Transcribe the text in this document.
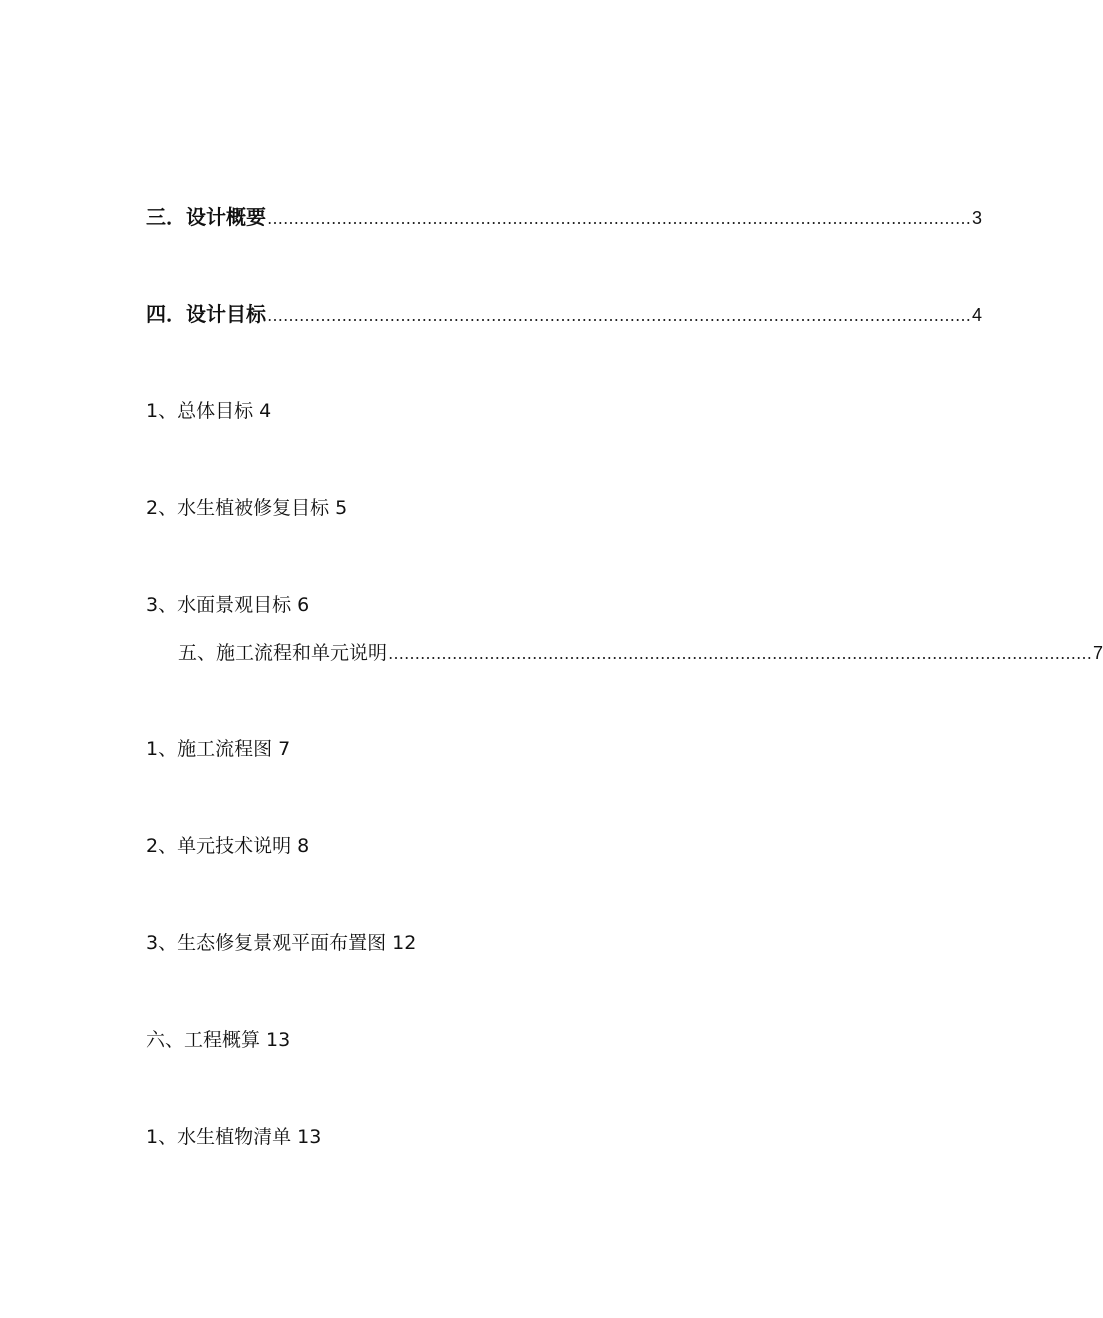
三．设计概要 …………………………………………………………………………………………………………………… 3
四．设计目标 …………………………………………………………………………………………………………………… 4
1、总体目标 4
2、水生植被修复目标 5
3、水面景观目标 6
五、施工流程和单元说明 …………………………………………………………………………………………………………………… 7
1、施工流程图 7
2、单元技术说明 8
3、生态修复景观平面布置图 12
六、工程概算 13
1、水生植物清单 13
